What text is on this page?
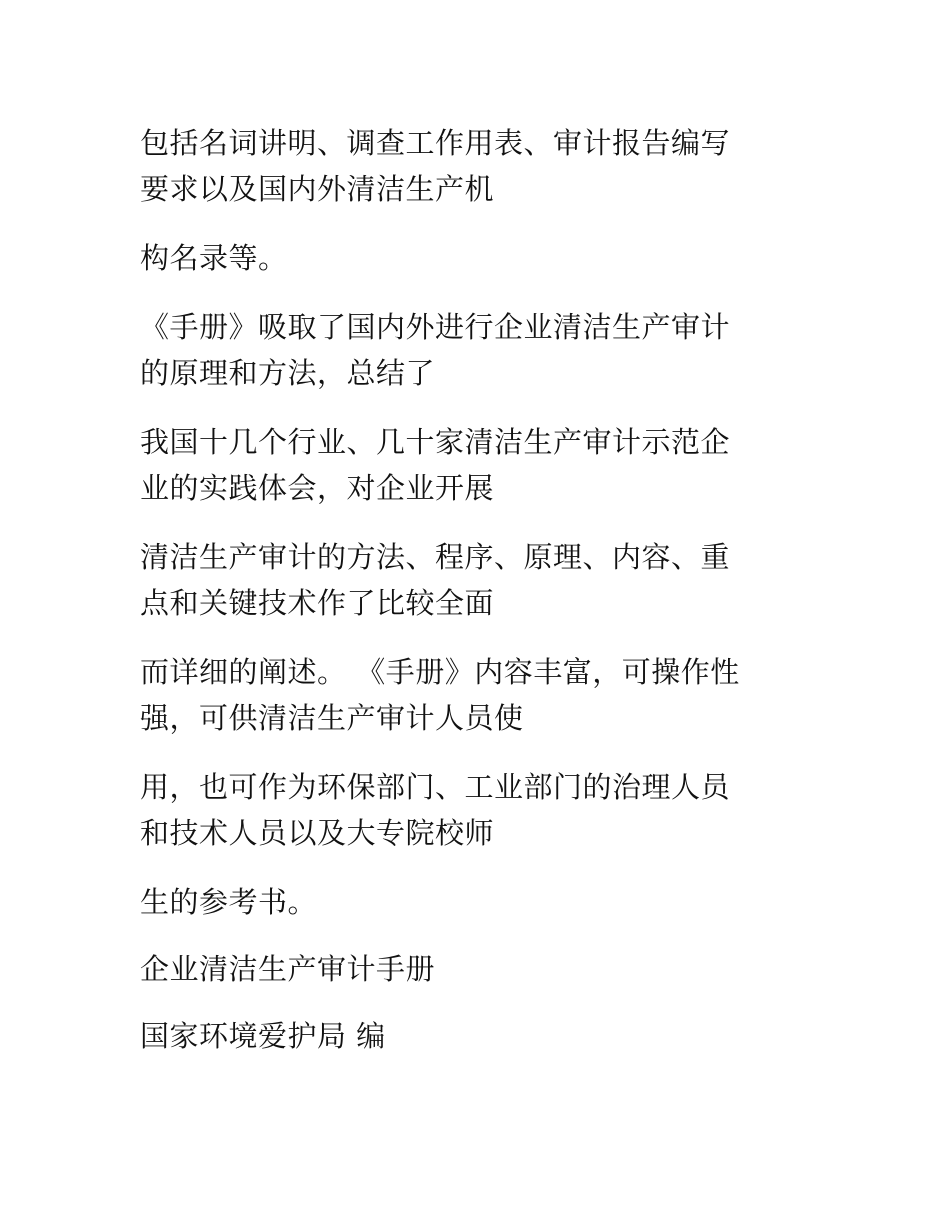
包括名词讲明、调查工作用表、审计报告编写
要求以及国内外清洁生产机

构名录等。

《手册》吸取了国内外进行企业清洁生产审计
的原理和方法，总结了

我国十几个行业、几十家清洁生产审计示范企
业的实践体会，对企业开展

清洁生产审计的方法、程序、原理、内容、重
点和关键技术作了比较全面

而详细的阐述。 《手册》内容丰富，可操作性
强，可供清洁生产审计人员使

用，也可作为环保部门、工业部门的治理人员
和技术人员以及大专院校师

生的参考书。

企业清洁生产审计手册

国家环境爱护局 编
